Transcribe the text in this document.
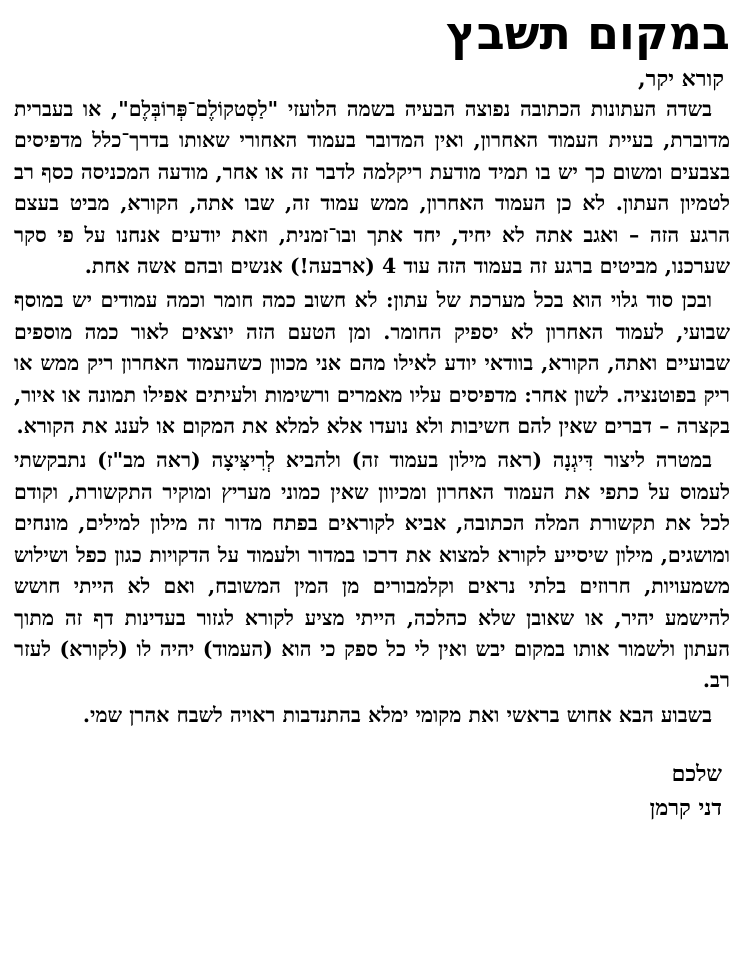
במקום תשבץ
קורא יקר,

בשדה העתונות הכתובה נפוצה הבעיה בשמה הלועזי "לַסְטקוֹלֶם־פְּרוֹבְּלֶם", או בעברית מדוברת, בעיית העמוד האחרון, ואין המדובר בעמוד האחורי שאותו בדרך־כלל מדפיסים בצבעים ומשום כך יש בו תמיד מודעת ריקלמה לדבר זה או אחר, מודעה המכניסה כסף רב לטמיון העתון. לא כן העמוד האחרון, ממש עמוד זה, שבו אתה, הקורא, מביט בעצם הרגע הזה – ואגב אתה לא יחיד, יחד אתך ובו־זמנית, וזאת יודעים אנחנו על פי סקר שערכנו, מביטים ברגע זה בעמוד הזה עוד 4 (ארבעה!) אנשים ובהם אשה אחת.

ובכן סוד גלוי הוא בכל מערכת של עתון: לא חשוב כמה חומר וכמה עמודים יש במוסף שבועי, לעמוד האחרון לא יספיק החומר. ומן הטעם הזה יוצאים לאור כמה מוספים שבועיים ואתה, הקורא, בוודאי יודע לאילו מהם אני מכוון כשהעמוד האחרון ריק ממש או ריק בפוטנציה. לשון אחר: מדפיסים עליו מאמרים ורשימות ולעיתים אפילו תמונה או איור, בקצרה – דברים שאין להם חשיבות ולא נועדו אלא למלא את המקום או לענג את הקורא.

במטרה ליצור דִּיגְנָה (ראה מילון בעמוד זה) ולהביא לְרִיצִּיצָה (ראה מב"ז) נתבקשתי לעמוס על כתפי את העמוד האחרון ומכיוון שאין כמוני מעריץ ומוקיר התקשורת, וקודם לכל את תקשורת המלה הכתובה, אביא לקוראים בפתח מדור זה מילון למילים, מונחים ומושגים, מילון שיסייע לקורא למצוא את דרכו במדור ולעמוד על הדקויות כגון כפל ושילוש משמעויות, חרוזים בלתי נראים וקלמבורים מן המין המשובח, ואם לא הייתי חושש להישמע יהיר, או שאובן שלא כהלכה, הייתי מציע לקורא לגזור בעדינות דף זה מתוך העתון ולשמור אותו במקום יבש ואין לי כל ספק כי הוא (העמוד) יהיה לו (לקורא) לעזר רב.

בשבוע הבא אחוש בראשי ואת מקומי ימלא בהתנדבות ראויה לשבח אהרן שמי.

שלכם
דני קרמן
